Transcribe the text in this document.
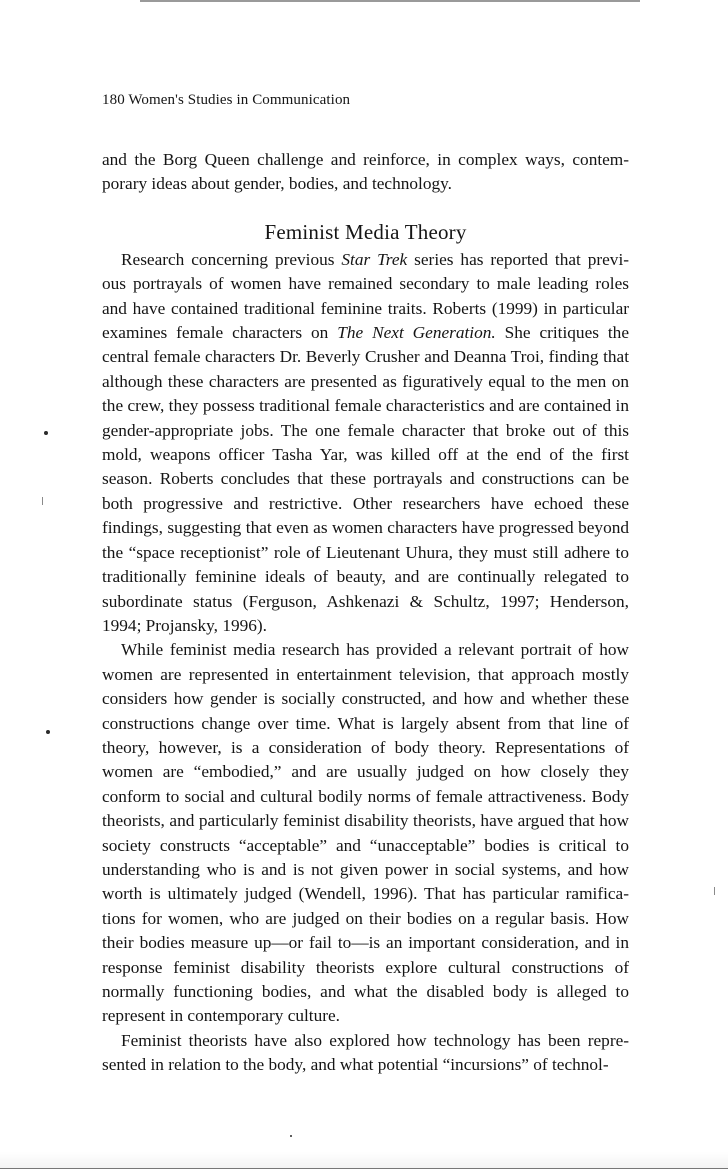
180 Women's Studies in Communication

and the Borg Queen challenge and reinforce, in complex ways, contem-porary ideas about gender, bodies, and technology.

Feminist Media Theory

Research concerning previous Star Trek series has reported that previ-ous portrayals of women have remained secondary to male leading roles and have contained traditional feminine traits. Roberts (1999) in particular examines female characters on The Next Generation. She critiques the central female characters Dr. Beverly Crusher and Deanna Troi, finding that although these characters are presented as figuratively equal to the men on the crew, they possess traditional female characteristics and are contained in gender-appropriate jobs. The one female character that broke out of this mold, weapons officer Tasha Yar, was killed off at the end of the first season. Roberts concludes that these portrayals and constructions can be both progressive and restrictive. Other researchers have echoed these findings, suggesting that even as women characters have progressed beyond the “space receptionist” role of Lieutenant Uhura, they must still adhere to traditionally feminine ideals of beauty, and are continually relegated to subordinate status (Ferguson, Ashkenazi & Schultz, 1997; Henderson, 1994; Projansky, 1996).

While feminist media research has provided a relevant portrait of how women are represented in entertainment television, that approach mostly considers how gender is socially constructed, and how and whether these constructions change over time. What is largely absent from that line of theory, however, is a consideration of body theory. Representations of women are “embodied,” and are usually judged on how closely they conform to social and cultural bodily norms of female attractiveness. Body theorists, and particularly feminist disability theorists, have argued that how society constructs “acceptable” and “unacceptable” bodies is critical to understanding who is and is not given power in social systems, and how worth is ultimately judged (Wendell, 1996). That has particular ramifica-tions for women, who are judged on their bodies on a regular basis. How their bodies measure up—or fail to—is an important consideration, and in response feminist disability theorists explore cultural constructions of normally functioning bodies, and what the disabled body is alleged to represent in contemporary culture.

Feminist theorists have also explored how technology has been repre-sented in relation to the body, and what potential “incursions” of technol-
